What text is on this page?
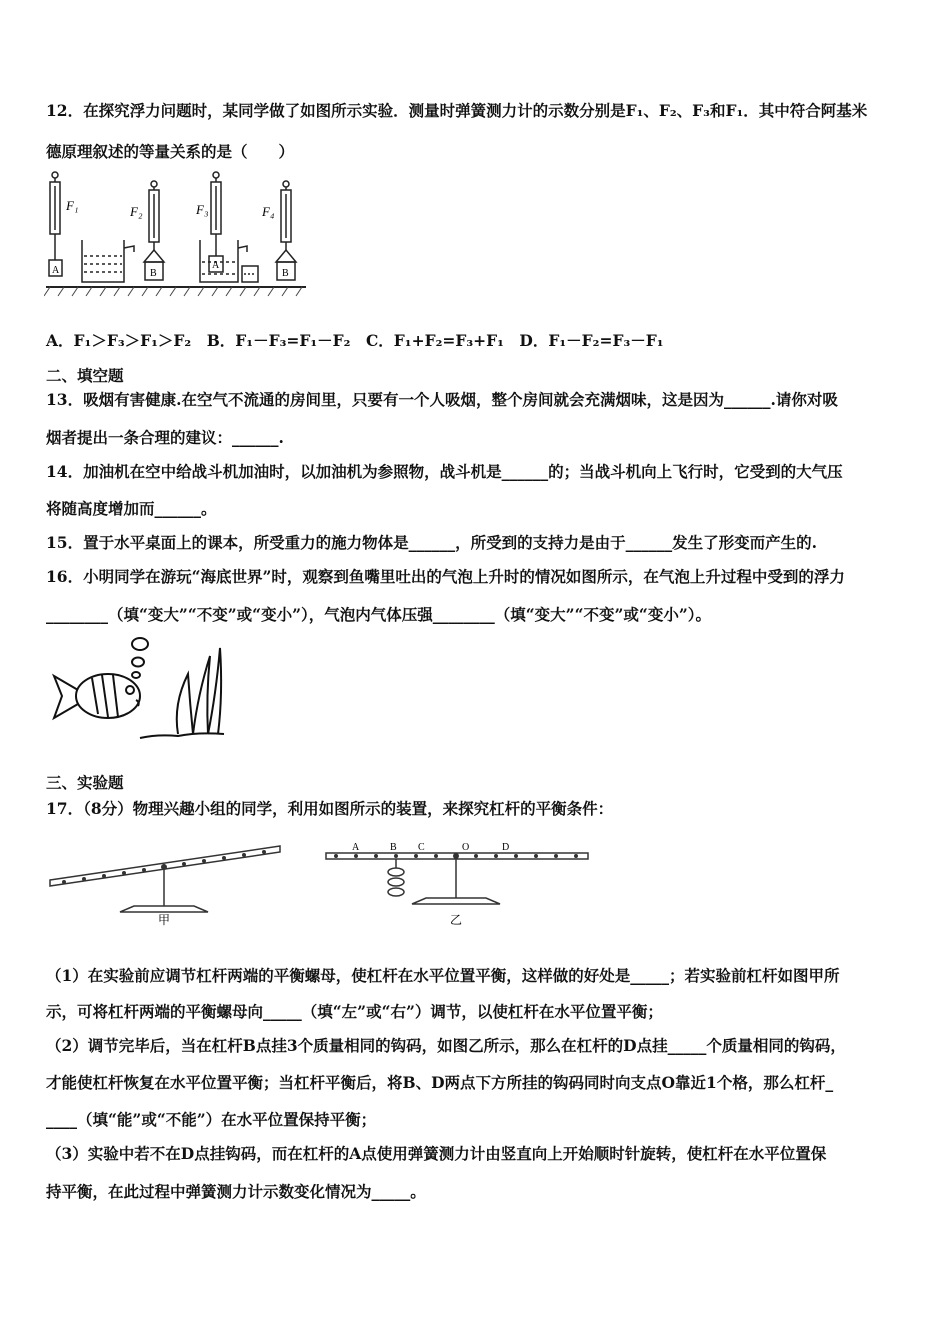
12．在探究浮力问题时，某同学做了如图所示实验．测量时弹簧测力计的示数分别是F₁、F₂、F₃和F₁．其中符合阿基米
德原理叙述的等量关系的是（　　）
F₁
A
F₂
B
F₃
A
F₄
B
A．F₁＞F₃＞F₁＞F₂　B．F₁－F₃=F₁－F₂　C．F₁+F₂=F₃+F₁　D．F₁－F₂=F₃－F₁
二、填空题
13．吸烟有害健康.在空气不流通的房间里，只要有一个人吸烟，整个房间就会充满烟味，这是因为______.请你对吸
烟者提出一条合理的建议：______.
14．加油机在空中给战斗机加油时，以加油机为参照物，战斗机是______的；当战斗机向上飞行时，它受到的大气压
将随高度增加而______。
15．置于水平桌面上的课本，所受重力的施力物体是______，所受到的支持力是由于______发生了形变而产生的.
16．小明同学在游玩“海底世界”时，观察到鱼嘴里吐出的气泡上升时的情况如图所示，在气泡上升过程中受到的浮力
________（填“变大”“不变”或“变小”），气泡内气体压强________（填“变大”“不变”或“变小”）。
三、实验题
17．（8分）物理兴趣小组的同学，利用如图所示的装置，来探究杠杆的平衡条件：
甲
A	B C	O	D
乙
（1）在实验前应调节杠杆两端的平衡螺母，使杠杆在水平位置平衡，这样做的好处是_____；若实验前杠杆如图甲所
示，可将杠杆两端的平衡螺母向_____（填“左”或“右”）调节，以使杠杆在水平位置平衡；
（2）调节完毕后，当在杠杆B点挂3个质量相同的钩码，如图乙所示，那么在杠杆的D点挂_____个质量相同的钩码，
才能使杠杆恢复在水平位置平衡；当杠杆平衡后，将B、D两点下方所挂的钩码同时向支点O靠近1个格，那么杠杆_
____（填“能”或“不能”）在水平位置保持平衡；
（3）实验中若不在D点挂钩码，而在杠杆的A点使用弹簧测力计由竖直向上开始顺时针旋转，使杠杆在水平位置保
持平衡，在此过程中弹簧测力计示数变化情况为_____。
